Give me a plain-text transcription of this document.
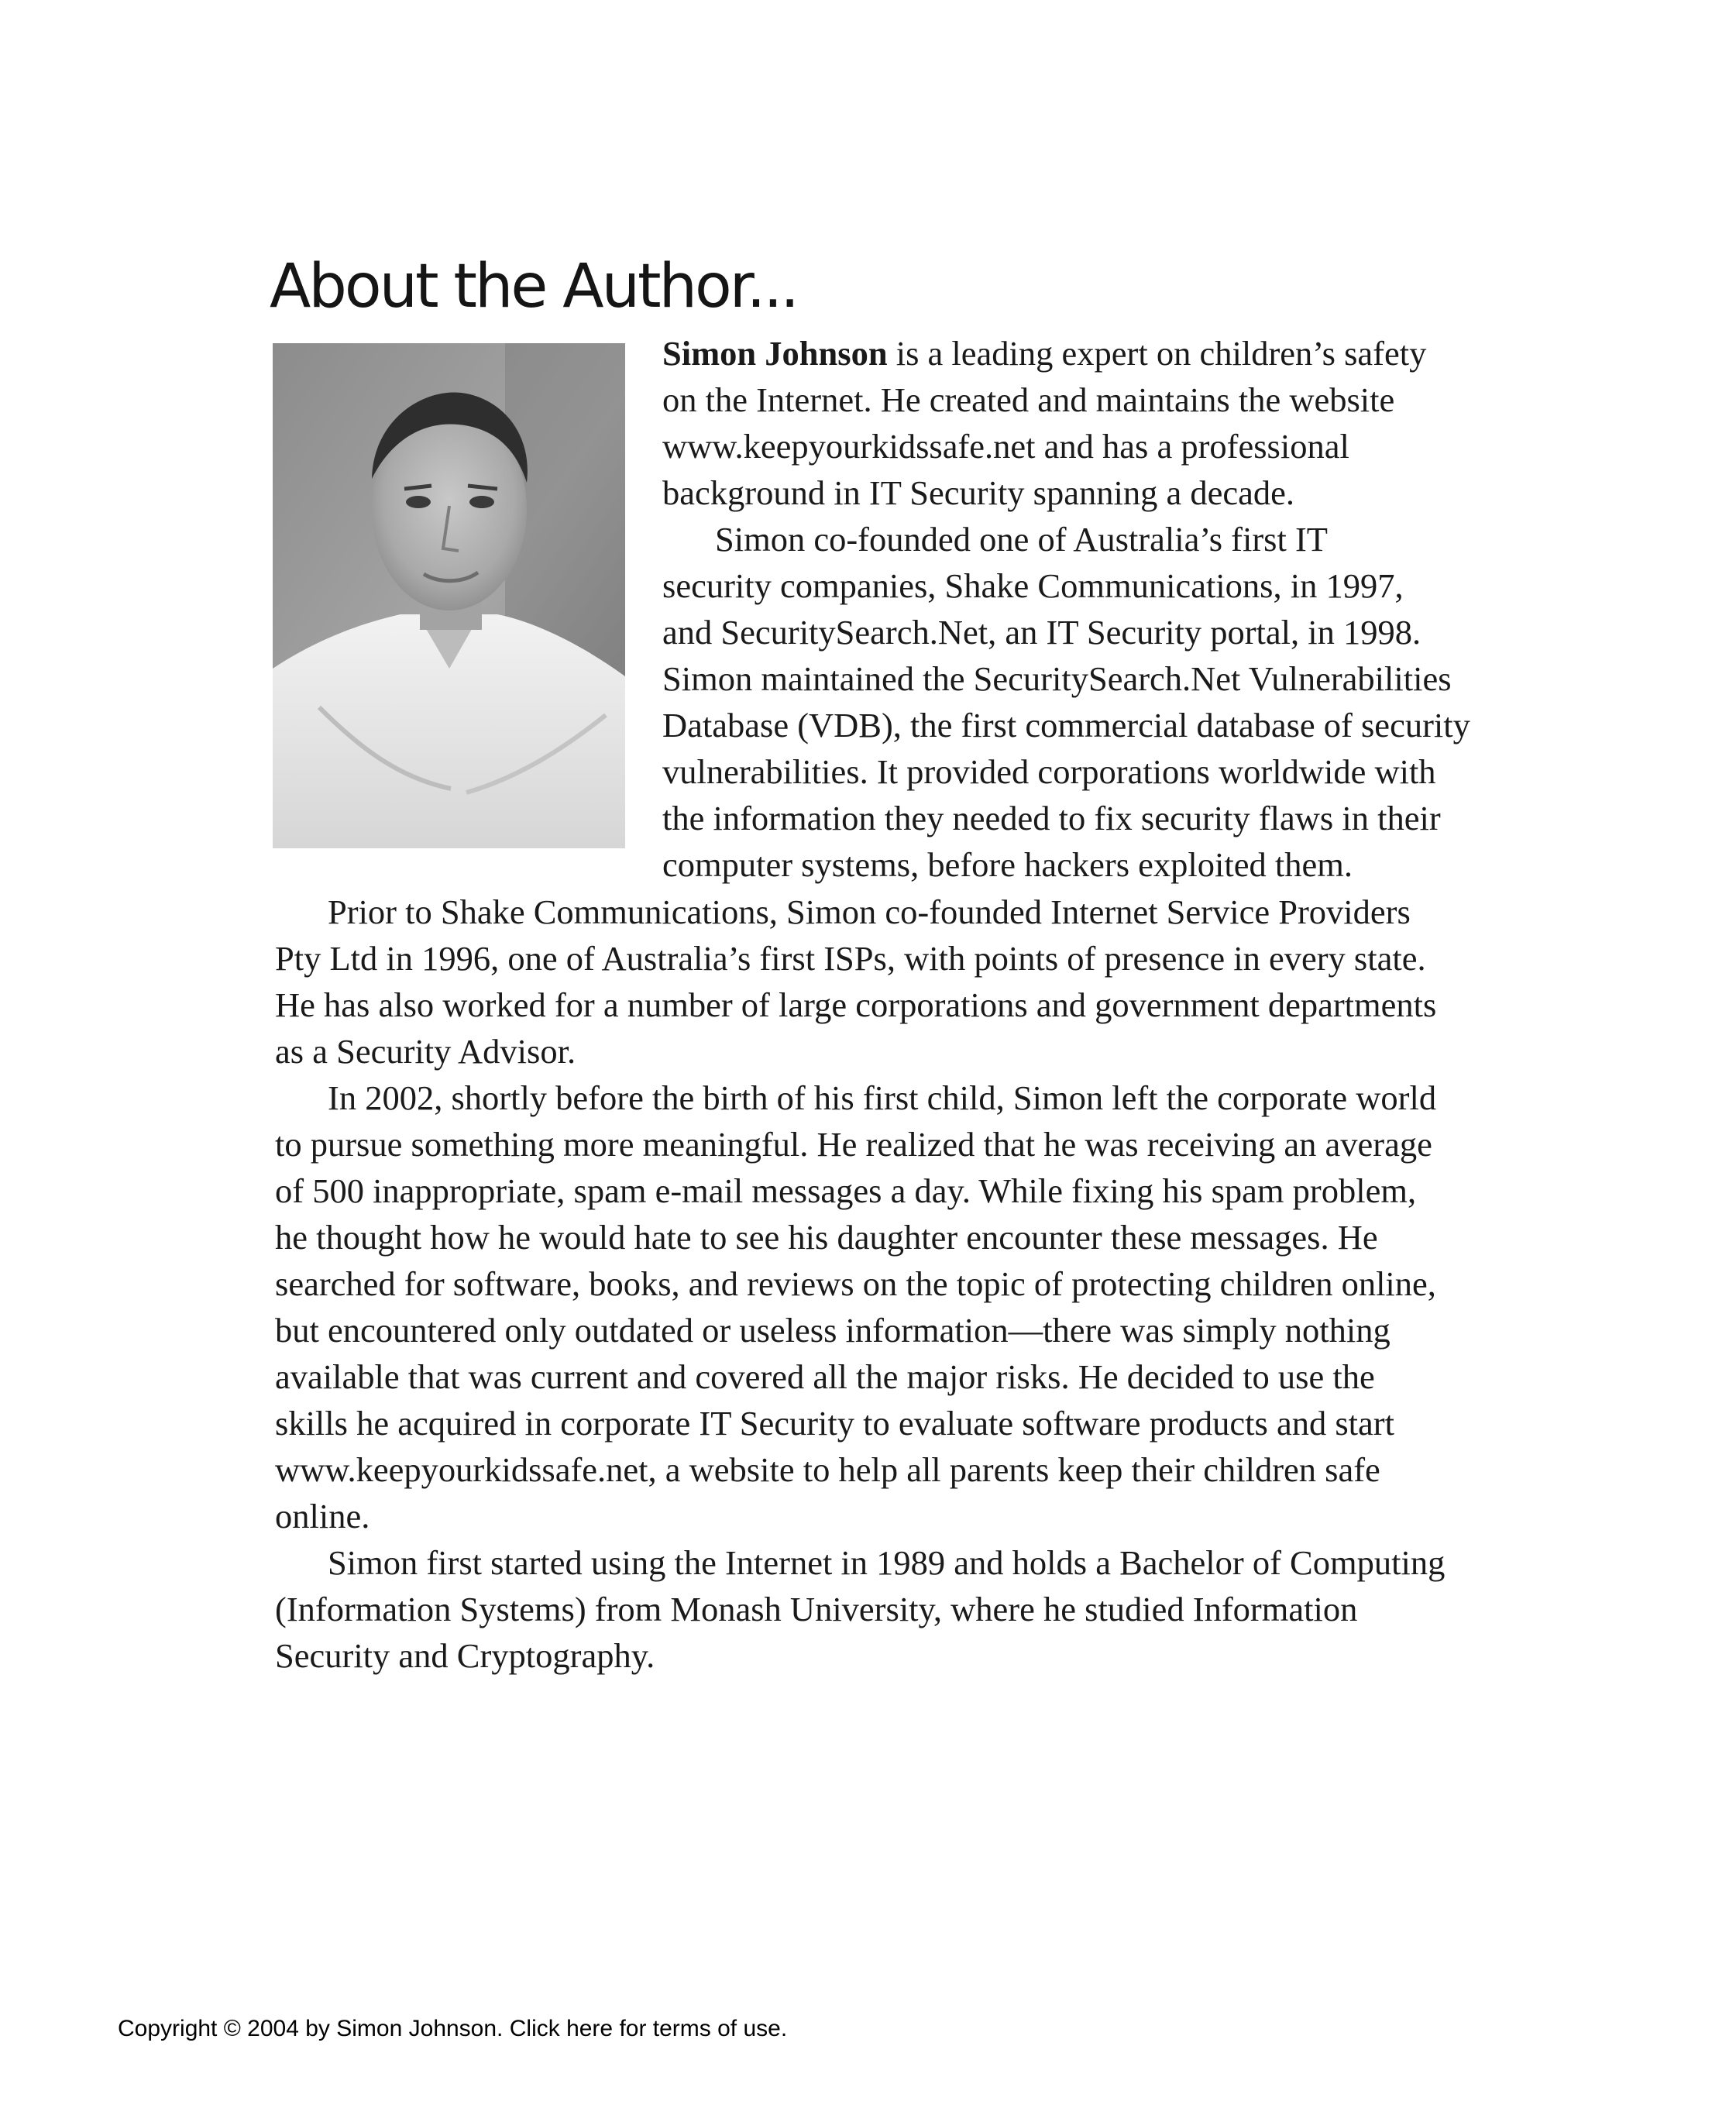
About the Author...

Simon Johnson is a leading expert on children’s safety
on the Internet. He created and maintains the website
www.keepyourkidssafe.net and has a professional
background in IT Security spanning a decade.

Simon co-founded one of Australia’s first IT
security companies, Shake Communications, in 1997,
and SecuritySearch.Net, an IT Security portal, in 1998.
Simon maintained the SecuritySearch.Net Vulnerabilities
Database (VDB), the first commercial database of security
vulnerabilities. It provided corporations worldwide with
the information they needed to fix security flaws in their
computer systems, before hackers exploited them.

Prior to Shake Communications, Simon co-founded Internet Service Providers
Pty Ltd in 1996, one of Australia’s first ISPs, with points of presence in every state.
He has also worked for a number of large corporations and government departments
as a Security Advisor.

In 2002, shortly before the birth of his first child, Simon left the corporate world
to pursue something more meaningful. He realized that he was receiving an average
of 500 inappropriate, spam e-mail messages a day. While fixing his spam problem,
he thought how he would hate to see his daughter encounter these messages. He
searched for software, books, and reviews on the topic of protecting children online,
but encountered only outdated or useless information—there was simply nothing
available that was current and covered all the major risks. He decided to use the
skills he acquired in corporate IT Security to evaluate software products and start
www.keepyourkidssafe.net, a website to help all parents keep their children safe
online.

Simon first started using the Internet in 1989 and holds a Bachelor of Computing
(Information Systems) from Monash University, where he studied Information
Security and Cryptography.

Copyright © 2004 by Simon Johnson. Click here for terms of use.
